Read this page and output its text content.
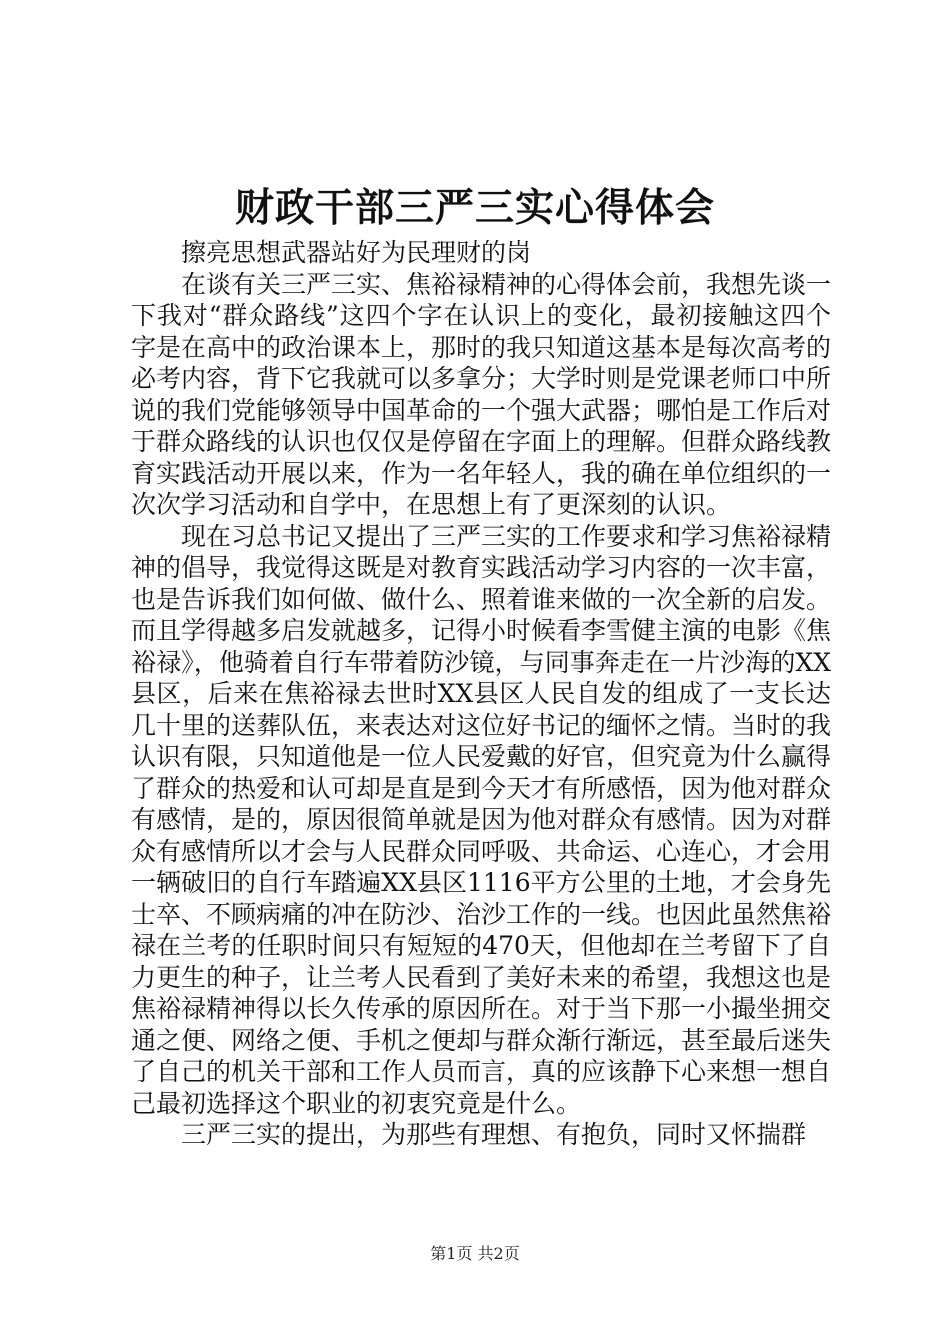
财政干部三严三实心得体会

擦亮思想武器站好为民理财的岗

在谈有关三严三实、焦裕禄精神的心得体会前，我想先谈一下我对“群众路线”这四个字在认识上的变化，最初接触这四个字是在高中的政治课本上，那时的我只知道这基本是每次高考的必考内容，背下它我就可以多拿分；大学时则是党课老师口中所说的我们党能够领导中国革命的一个强大武器；哪怕是工作后对于群众路线的认识也仅仅是停留在字面上的理解。但群众路线教育实践活动开展以来，作为一名年轻人，我的确在单位组织的一次次学习活动和自学中，在思想上有了更深刻的认识。

现在习总书记又提出了三严三实的工作要求和学习焦裕禄精神的倡导，我觉得这既是对教育实践活动学习内容的一次丰富，也是告诉我们如何做、做什么、照着谁来做的一次全新的启发。而且学得越多启发就越多，记得小时候看李雪健主演的电影《焦裕禄》，他骑着自行车带着防沙镜，与同事奔走在一片沙海的XX县区，后来在焦裕禄去世时XX县区人民自发的组成了一支长达几十里的送葬队伍，来表达对这位好书记的缅怀之情。当时的我认识有限，只知道他是一位人民爱戴的好官，但究竟为什么赢得了群众的热爱和认可却是直是到今天才有所感悟，因为他对群众有感情，是的，原因很简单就是因为他对群众有感情。因为对群众有感情所以才会与人民群众同呼吸、共命运、心连心，才会用一辆破旧的自行车踏遍XX县区1116平方公里的土地，才会身先士卒、不顾病痛的冲在防沙、治沙工作的一线。也因此虽然焦裕禄在兰考的任职时间只有短短的470天，但他却在兰考留下了自力更生的种子，让兰考人民看到了美好未来的希望，我想这也是焦裕禄精神得以长久传承的原因所在。对于当下那一小撮坐拥交通之便、网络之便、手机之便却与群众渐行渐远，甚至最后迷失了自己的机关干部和工作人员而言，真的应该静下心来想一想自己最初选择这个职业的初衷究竟是什么。

三严三实的提出，为那些有理想、有抱负，同时又怀揣群

第1页 共2页
